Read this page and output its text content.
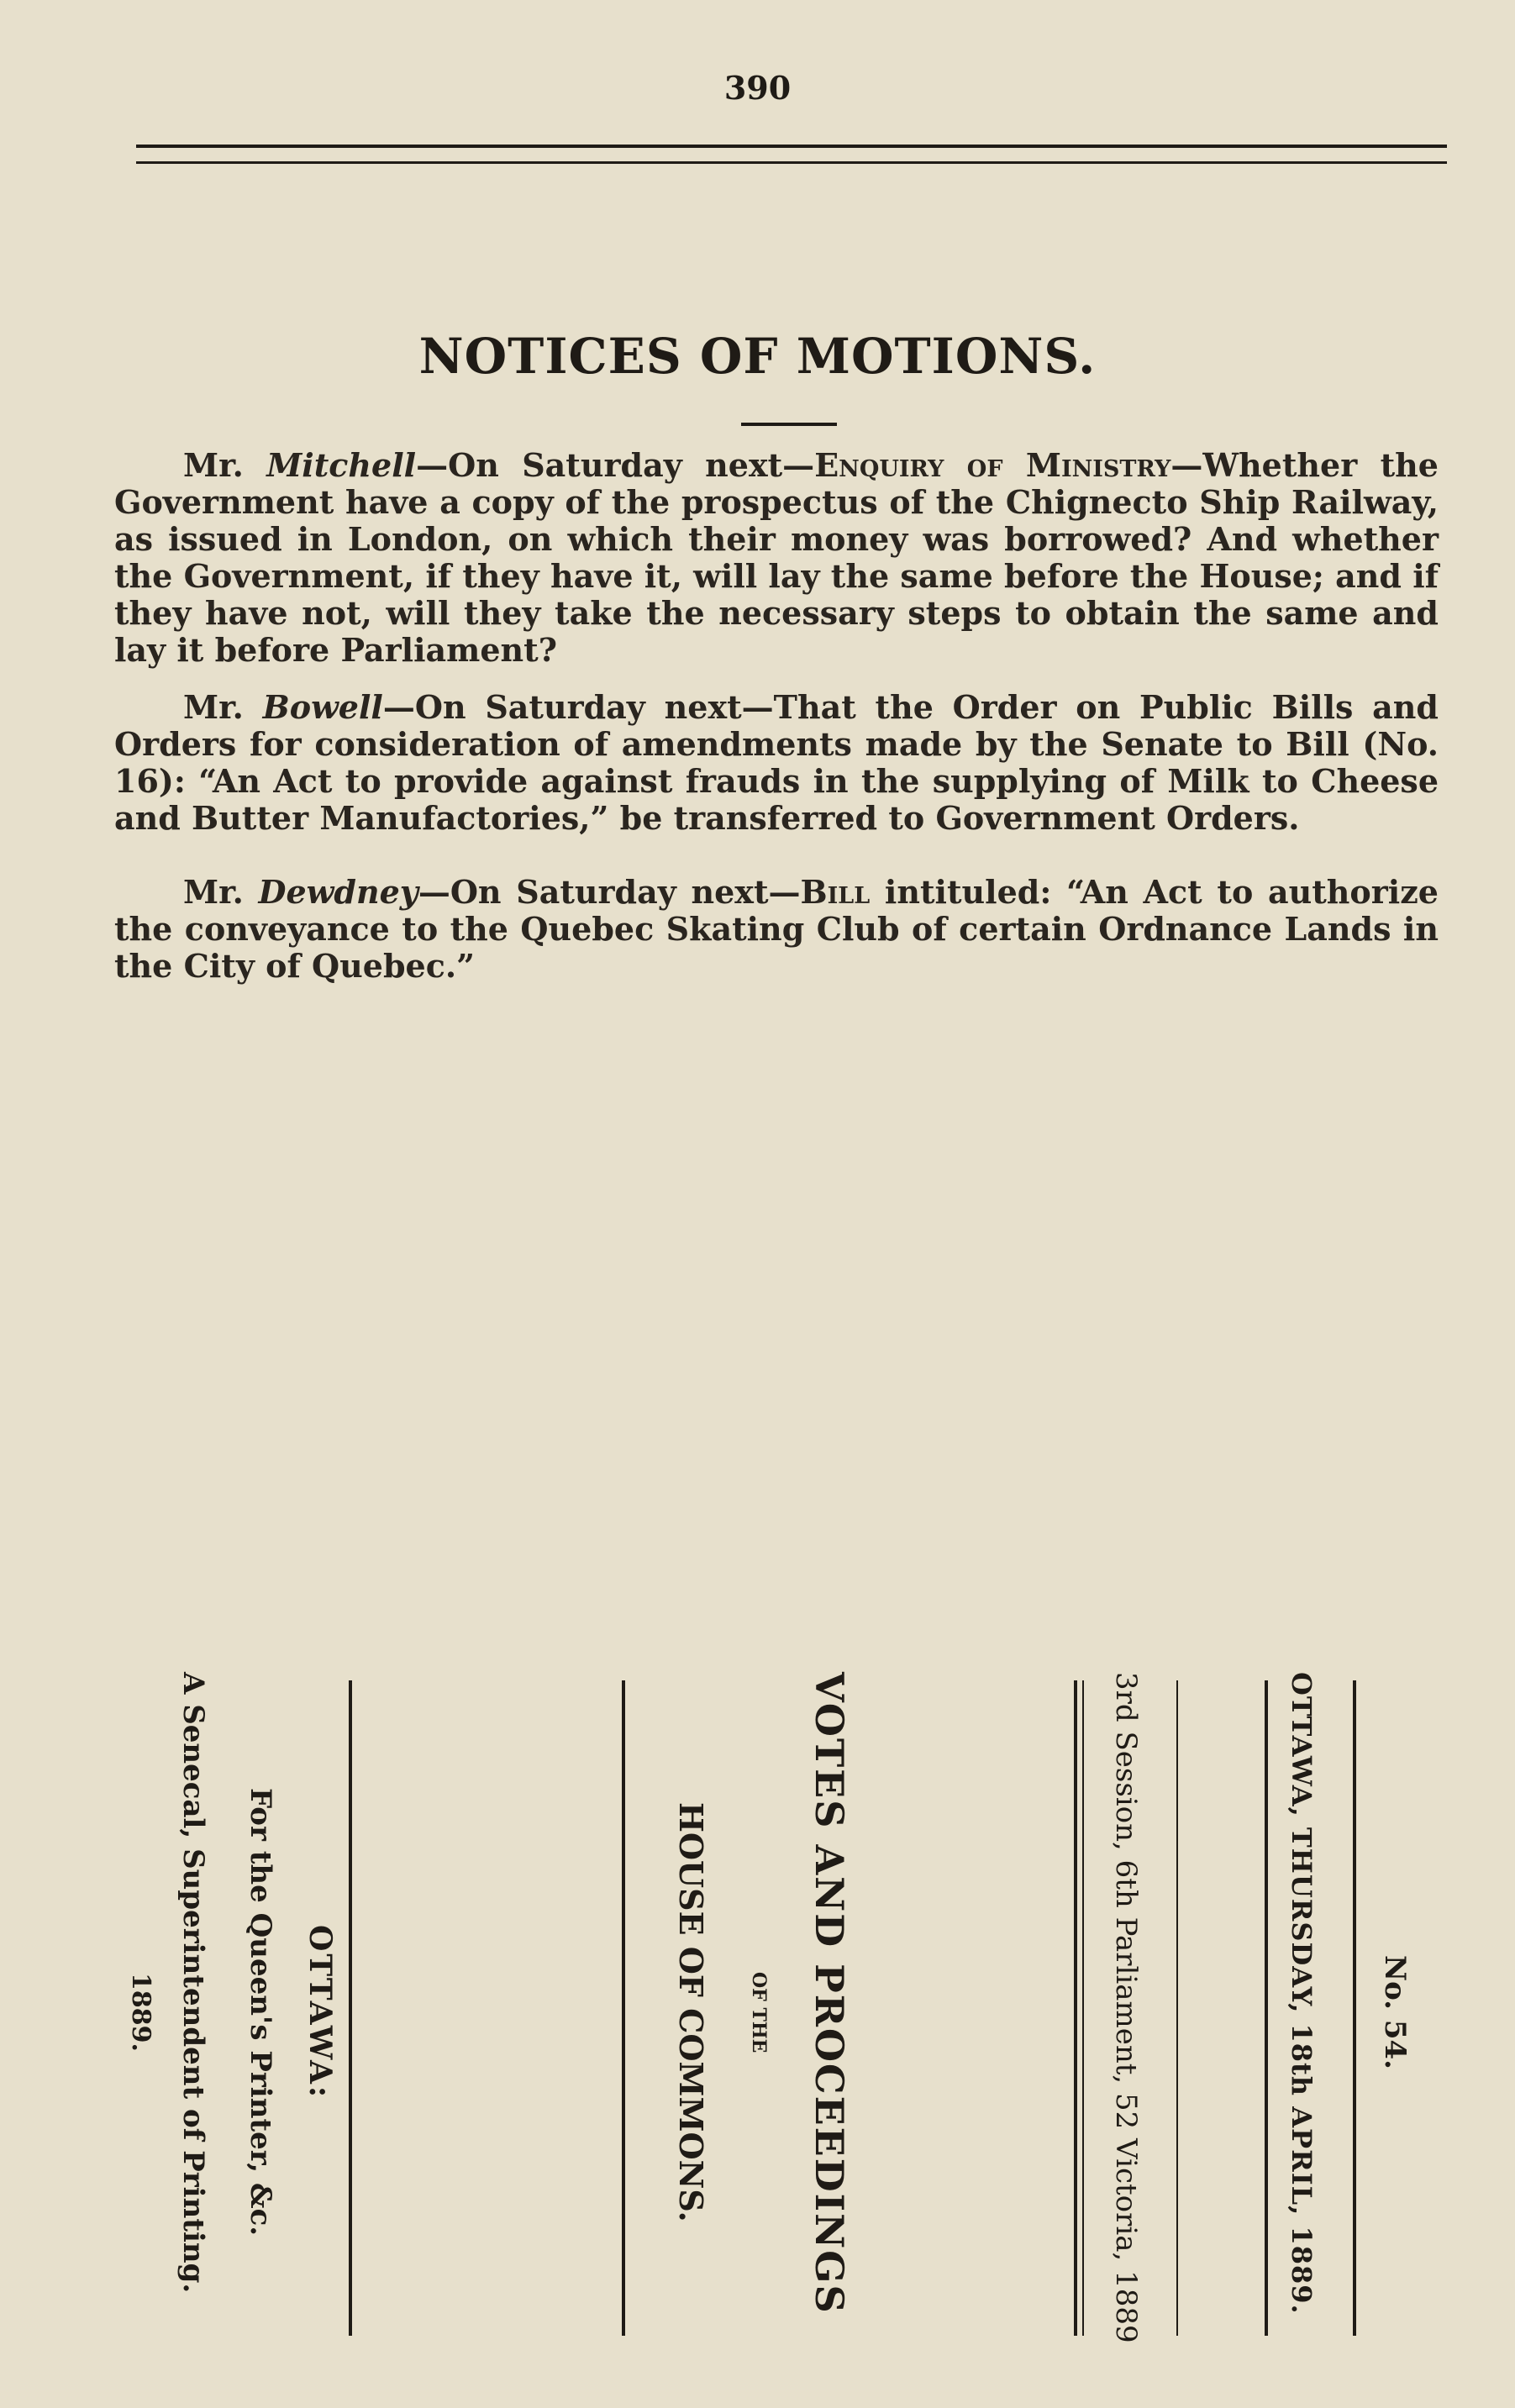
390
NOTICES OF MOTIONS.
Mr. Mitchell—On Saturday next—Enquiry of Ministry—Whether the Government have a copy of the prospectus of the Chignecto Ship Railway, as issued in London, on which their money was borrowed? And whether the Government, if they have it, will lay the same before the House; and if they have not, will they take the necessary steps to obtain the same and lay it before Parliament?
Mr. Bowell—On Saturday next—That the Order on Public Bills and Orders for consideration of amendments made by the Senate to Bill (No. 16): “An Act to provide against frauds in the supplying of Milk to Cheese and Butter Manufactories,” be transferred to Government Orders.
Mr. Dewdney—On Saturday next—Bill intituled: “An Act to authorize the conveyance to the Quebec Skating Club of certain Ordnance Lands in the City of Quebec.”
No. 54.
OTTAWA, THURSDAY, 18th APRIL, 1889.
3rd Session, 6th Parliament, 52 Victoria, 1889
VOTES AND PROCEEDINGS
OF THE
HOUSE OF COMMONS.
OTTAWA:
For the Queen's Printer, &c.
A Senecal, Superintendent of Printing.
1889.
